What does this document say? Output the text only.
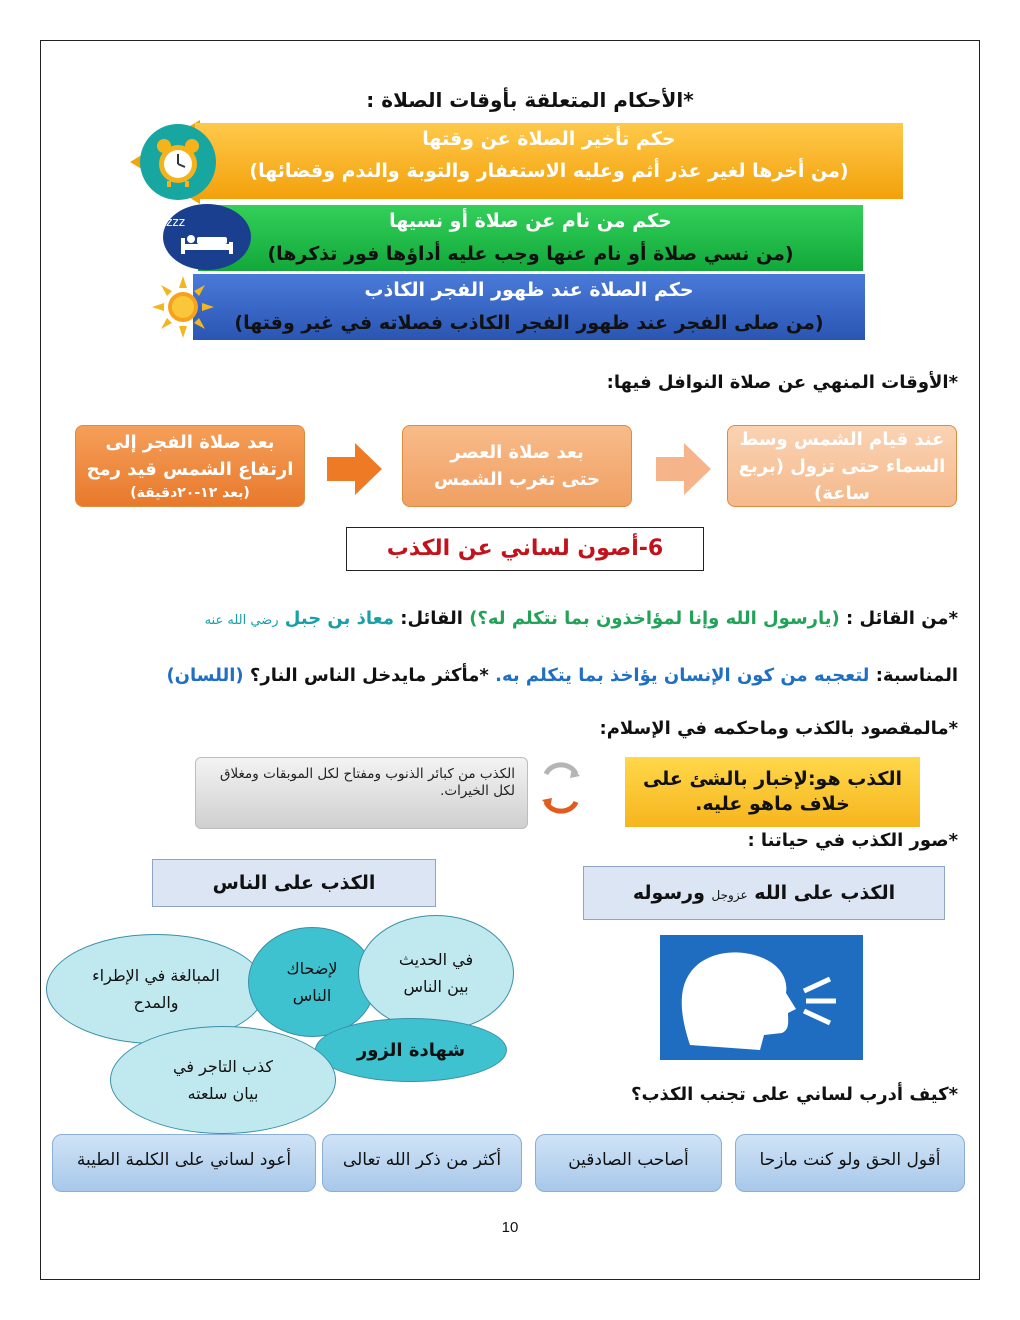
*الأحكام المتعلقة بأوقات الصلاة :
حكم تأخير الصلاة عن وقتها
(من أخرها لغير عذر أثم وعليه الاستغفار والتوبة والندم وقضائها)
حكم من نام عن صلاة أو نسيها
(من نسي صلاة أو نام عنها وجب عليه أداؤها فور تذكرها)
zzz
حكم الصلاة عند ظهور الفجر الكاذب
(من صلى الفجر عند ظهور الفجر الكاذب فصلاته في غير وقتها)
*الأوقات المنهي عن صلاة النوافل فيها:
بعد صلاة الفجر إلى ارتفاع الشمس قيد رمح
(بعد ١٢-٢٠دقيقة)
بعد صلاة العصر حتى تغرب الشمس
عند قيام الشمس وسط السماء حتى تزول (بربع ساعة)
6-أصون لساني عن الكذب
*من القائل : (يارسول الله وإنا لمؤاخذون بما نتكلم له؟) القائل: معاذ بن جبل رضي الله عنه
المناسبة: لتعجبه من كون الإنسان يؤاخذ بما يتكلم به. *مأكثر مايدخل الناس النار؟ (اللسان)
*مالمقصود بالكذب وماحكمه في الإسلام:
الكذب هو:لإخبار بالشئ على خلاف ماهو عليه.
الكذب من كبائر الذنوب ومفتاح لكل الموبقات ومغلاق لكل الخيرات.
*صور الكذب في حياتنا :
الكذب على الله عزوجل ورسوله
الكذب على الناس
المبالغة في الإطراء والمدح
لإضحاك الناس
في الحديث بين الناس
شهادة الزور
كذب التاجر في بيان سلعته	*كيف أدرب لساني على تجنب الكذب؟
أقول الحق ولو كنت مازحا
أصاحب الصادقين
أكثر من ذكر الله تعالى
أعود لساني على الكلمة الطيبة
10
